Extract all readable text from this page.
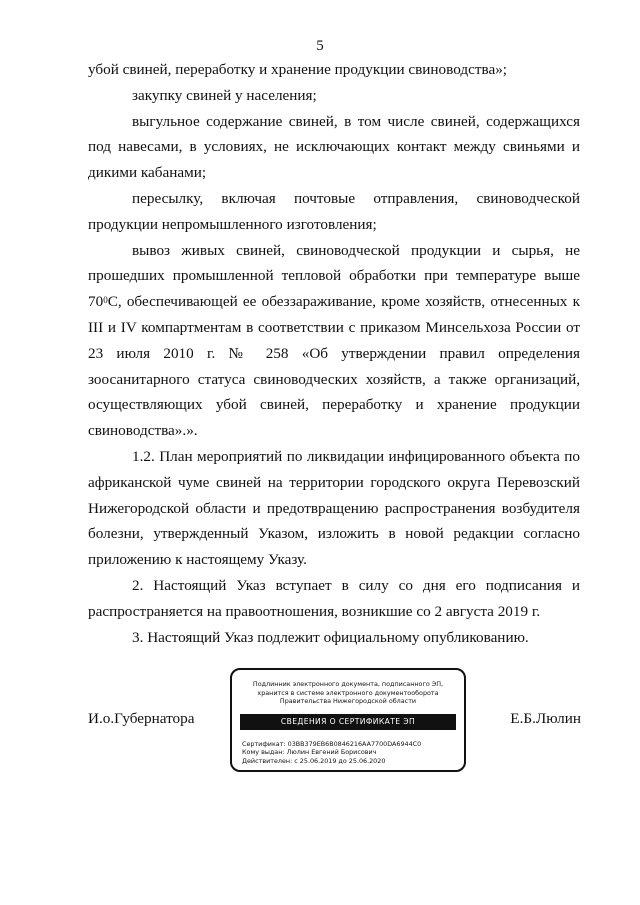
5

убой свиней, переработку и хранение продукции свиноводства»;

закупку свиней у населения;

выгульное содержание свиней, в том числе свиней, содержащихся под навесами, в условиях, не исключающих контакт между свиньями и дикими кабанами;

пересылку, включая почтовые отправления, свиноводческой продукции непромышленного изготовления;

вывоз живых свиней, свиноводческой продукции и сырья, не прошедших промышленной тепловой обработки при температуре выше $70^0С$, обеспечивающей ее обеззараживание, кроме хозяйств, отнесенных к III и IV компартментам в соответствии с приказом Минсельхоза России от 23 июля 2010 г. № 258 «Об утверждении правил определения зоосанитарного статуса свиноводческих хозяйств, а также организаций, осуществляющих убой свиней, переработку и хранение продукции свиноводства».».

1.2. План мероприятий по ликвидации инфицированного объекта по африканской чуме свиней на территории городского округа Перевозский Нижегородской области и предотвращению распространения возбудителя болезни, утвержденный Указом, изложить в новой редакции согласно приложению к настоящему Указу.

2. Настоящий Указ вступает в силу со дня его подписания и распространяется на правоотношения, возникшие со 2 августа 2019 г.

3. Настоящий Указ подлежит официальному опубликованию.

И.о.Губернатора	Е.Б.Люлин
Подлинник электронного документа, подписанного ЭП,
хранится в системе электронного документооборота
Правительства Нижегородской области
СВЕДЕНИЯ О СЕРТИФИКАТЕ ЭП
Сертификат: 03BB379EB6B0846216AA7700DA6944C0
Кому выдан: Люлин Евгений Борисович
Действителен: с 25.06.2019 до 25.06.2020
